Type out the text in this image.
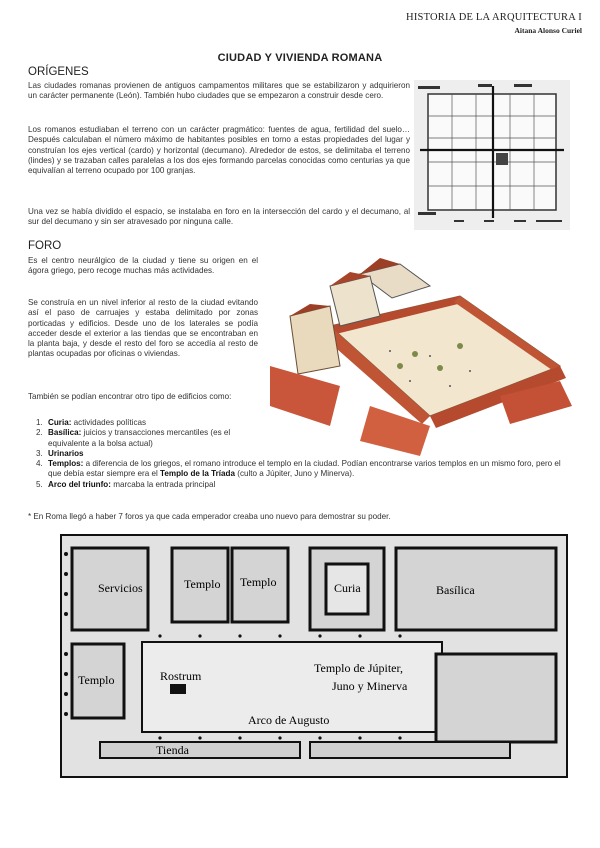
HISTORIA DE LA ARQUITECTURA I
Aitana Alonso Curiel
CIUDAD Y VIVIENDA ROMANA
ORÍGENES

Las ciudades romanas provienen de antiguos campamentos militares que se estabilizaron y adquirieron un carácter permanente (León). También hubo ciudades que se empezaron a construir desde cero.

Los romanos estudiaban el terreno con un carácter pragmático: fuentes de agua, fertilidad del suelo… Después calculaban el número máximo de habitantes posibles en torno a estas propiedades del lugar y construían los ejes vertical (cardo) y horizontal (decumano). Alrededor de estos, se delimitaba el terreno (lindes) y se trazaban calles paralelas a los dos ejes formando parcelas conocidas como centurias ya que equivalían al terreno ocupado por 100 granjas.

Una vez se había dividido el espacio, se instalaba en foro en la intersección del cardo y el decumano, al sur del decumano y sin ser atravesado por ninguna calle.

FORO

Es el centro neurálgico de la ciudad y tiene su origen en el ágora griego, pero recoge muchas más actividades.

Se construía en un nivel inferior al resto de la ciudad evitando así el paso de carruajes y estaba delimitado por zonas porticadas y edificios. Desde uno de los laterales se podía acceder desde el exterior a las tiendas que se encontraban en la planta baja, y desde el resto del foro se accedía al resto de plantas ocupadas por oficinas o viviendas.

También se podían encontrar otro tipo de edificios como:

1. Curia: actividades políticas
2. Basílica: juicios y transacciones mercantiles (es el equivalente a la bolsa actual)
3. Urinarios
4. Templos: a diferencia de los griegos, el romano introduce el templo en la ciudad. Podían encontrarse varios templos en un mismo foro, pero el que debía estar siempre era el Templo de la Tríada (culto a Júpiter, Juno y Minerva).
5. Arco del triunfo: marcaba la entrada principal
* En Roma llegó a haber 7 foros ya que cada emperador creaba uno nuevo para demostrar su poder.
Servicios	Templo Templo	Curia	Basílica
Templo	Rostrum
Templo de Júpiter,
Juno y Minerva
Arco de Augusto
Tienda
